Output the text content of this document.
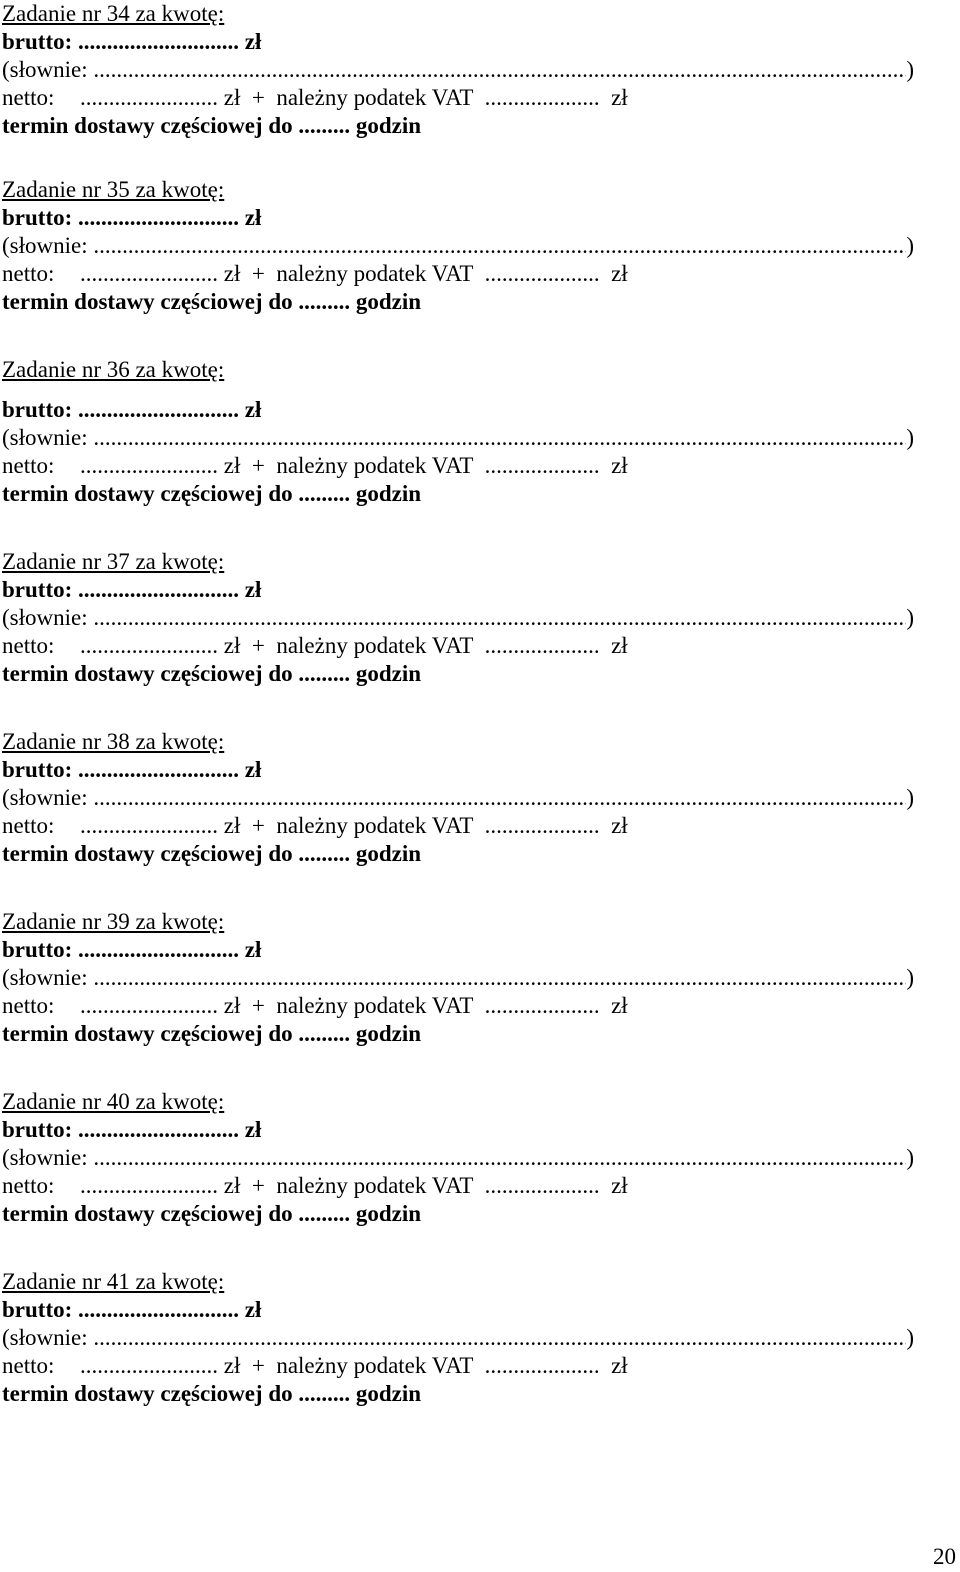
Zadanie nr 34 za kwotę:
brutto: ............................ zł
(słownie: .....	)
netto: ........................ zł  +  należny podatek VAT  ....................  zł
termin dostawy częściowej do ......... godzin
Zadanie nr 35 za kwotę:
brutto: ............................ zł
(słownie: .....	)
netto: ........................ zł  +  należny podatek VAT  ....................  zł
termin dostawy częściowej do ......... godzin
Zadanie nr 36 za kwotę:
brutto: ............................ zł
(słownie: .....	)
netto: ........................ zł  +  należny podatek VAT  ....................  zł
termin dostawy częściowej do ......... godzin
Zadanie nr 37 za kwotę:
brutto: ............................ zł
(słownie: .....	)
netto: ........................ zł  +  należny podatek VAT  ....................  zł
termin dostawy częściowej do ......... godzin
Zadanie nr 38 za kwotę:
brutto: ............................ zł
(słownie: .....	)
netto: ........................ zł  +  należny podatek VAT  ....................  zł
termin dostawy częściowej do ......... godzin
Zadanie nr 39 za kwotę:
brutto: ............................ zł
(słownie: .....	)
netto: ........................ zł  +  należny podatek VAT  ....................  zł
termin dostawy częściowej do ......... godzin
Zadanie nr 40 za kwotę:
brutto: ............................ zł
(słownie: .....	)
netto: ........................ zł  +  należny podatek VAT  ....................  zł
termin dostawy częściowej do ......... godzin
Zadanie nr 41 za kwotę:
brutto: ............................ zł
(słownie: .....	)
netto: ........................ zł  +  należny podatek VAT  ....................  zł
termin dostawy częściowej do ......... godzin
20
